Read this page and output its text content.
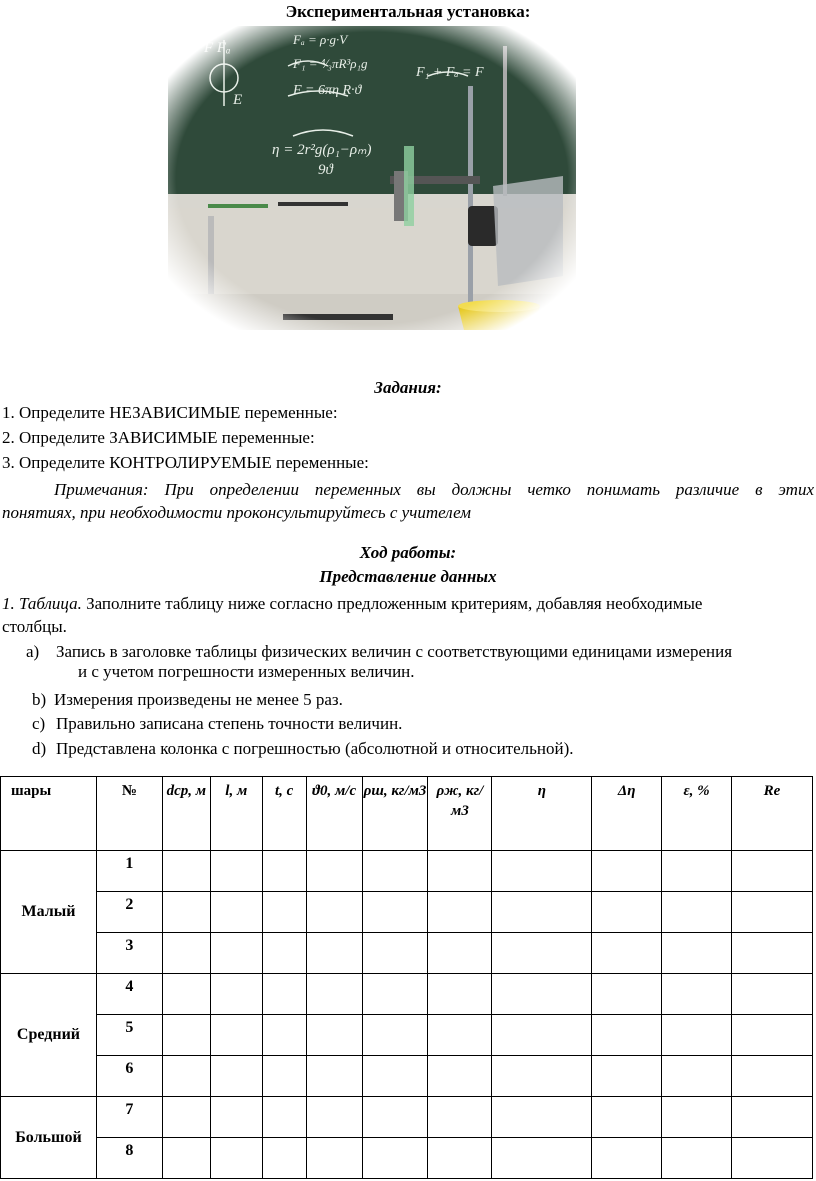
Экспериментальная установка:
Задания:
1. Определите НЕЗАВИСИМЫЕ переменные:
2. Определите ЗАВИСИМЫЕ переменные:
3. Определите КОНТРОЛИРУЕМЫЕ переменные:
Примечания: При определении переменных вы должны четко понимать различие в этих
понятиях, при необходимости проконсультируйтесь с учителем
Ход работы:
Представление данных
1. Таблица. Заполните таблицу ниже согласно предложенным критериям, добавляя необходимые
столбцы.
a) Запись в заголовке таблицы физических величин с соответствующими единицами измерения
и с учетом погрешности измеренных величин.
b) Измерения произведены не менее 5 раз.
c) Правильно записана степень точности величин.
d) Представлена колонка с погрешностью (абсолютной и относительной).
шары	№	dср, м	l, м	t, с	ϑ0, м/с	ρш, кг/м3	ρж, кг/м3	η	Δη	ε, %	Re
Малый	1										
	2										
	3										
Средний	4										
	5										
	6										
Большой	7										
	8										
